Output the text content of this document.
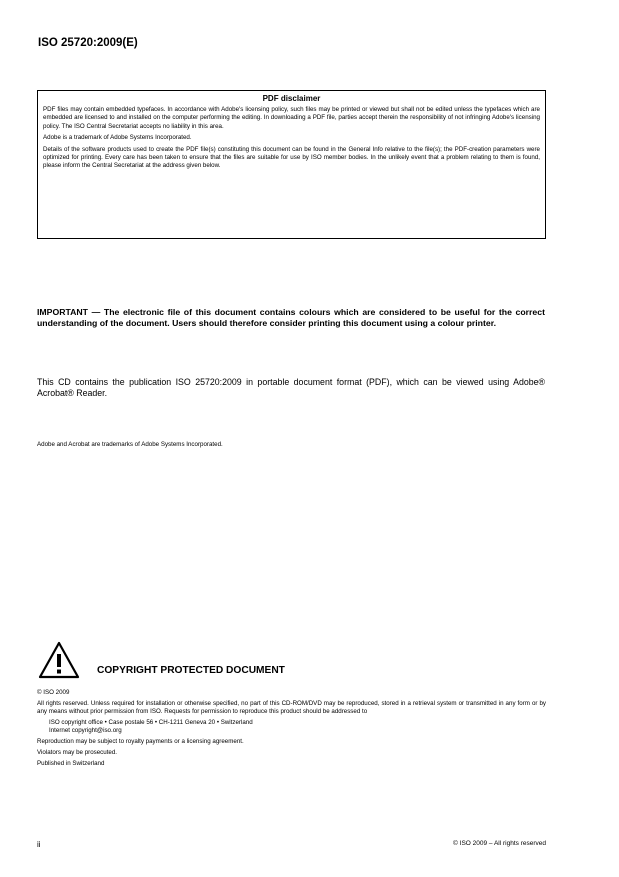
ISO 25720:2009(E)
PDF disclaimer

PDF files may contain embedded typefaces. In accordance with Adobe's licensing policy, such files may be printed or viewed but shall not be edited unless the typefaces which are embedded are licensed to and installed on the computer performing the editing. In downloading a PDF file, parties accept therein the responsibility of not infringing Adobe's licensing policy. The ISO Central Secretariat accepts no liability in this area.

Adobe is a trademark of Adobe Systems Incorporated.

Details of the software products used to create the PDF file(s) constituting this document can be found in the General Info relative to the file(s); the PDF-creation parameters were optimized for printing. Every care has been taken to ensure that the files are suitable for use by ISO member bodies. In the unlikely event that a problem relating to them is found, please inform the Central Secretariat at the address given below.

IMPORTANT — The electronic file of this document contains colours which are considered to be useful for the correct understanding of the document. Users should therefore consider printing this document using a colour printer.
This CD contains the publication ISO 25720:2009 in portable document format (PDF), which can be viewed using Adobe® Acrobat® Reader.
Adobe and Acrobat are trademarks of Adobe Systems Incorporated.
COPYRIGHT PROTECTED DOCUMENT

© ISO 2009

All rights reserved. Unless required for installation or otherwise specified, no part of this CD-ROM/DVD may be reproduced, stored in a retrieval system or transmitted in any form or by any means without prior permission from ISO. Requests for permission to reproduce this product should be addressed to

ISO copyright office • Case postale 56 • CH-1211 Geneva 20 • Switzerland

Internet copyright@iso.org

Reproduction may be subject to royalty payments or a licensing agreement.

Violators may be prosecuted.

Published in Switzerland

ii	© ISO 2009 – All rights reserved
